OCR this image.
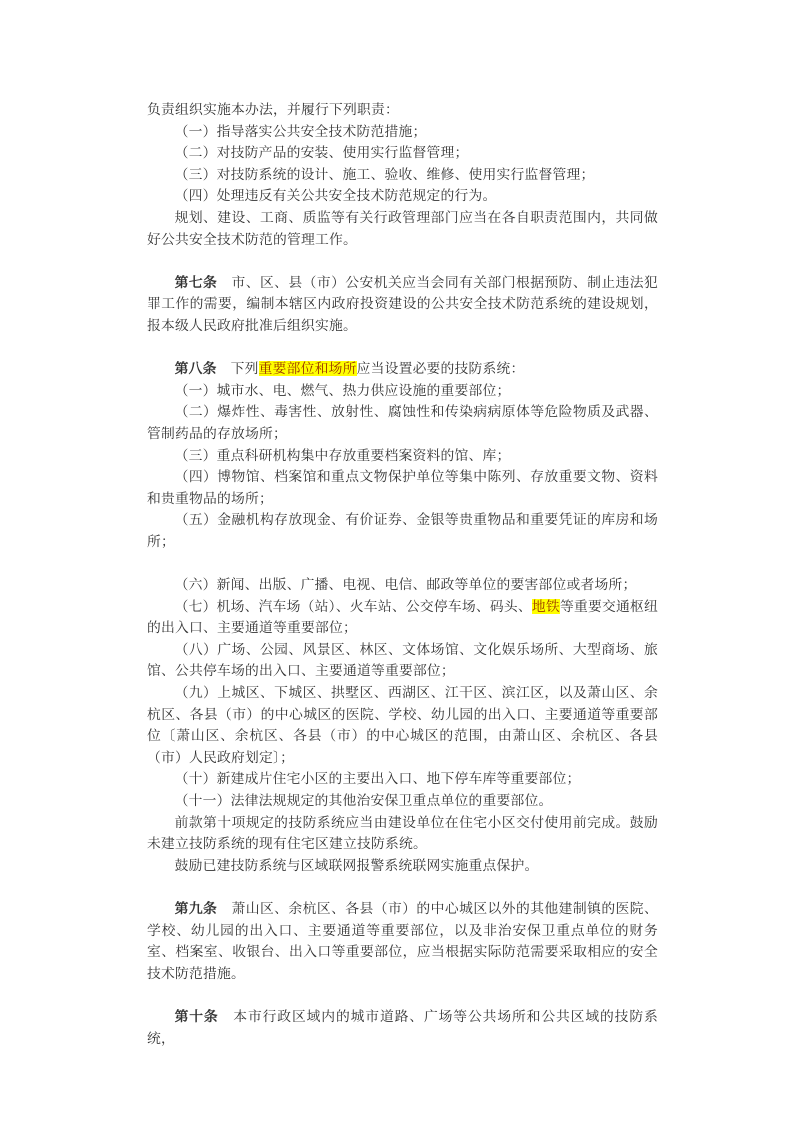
负责组织实施本办法，并履行下列职责：

（一）指导落实公共安全技术防范措施；

（二）对技防产品的安装、使用实行监督管理；

（三）对技防系统的设计、施工、验收、维修、使用实行监督管理；

（四）处理违反有关公共安全技术防范规定的行为。

规划、建设、工商、质监等有关行政管理部门应当在各自职责范围内，共同做好公共安全技术防范的管理工作。

第七条　市、区、县（市）公安机关应当会同有关部门根据预防、制止违法犯罪工作的需要，编制本辖区内政府投资建设的公共安全技术防范系统的建设规划，报本级人民政府批准后组织实施。

第八条　下列重要部位和场所应当设置必要的技防系统：

（一）城市水、电、燃气、热力供应设施的重要部位；

（二）爆炸性、毒害性、放射性、腐蚀性和传染病病原体等危险物质及武器、管制药品的存放场所；

（三）重点科研机构集中存放重要档案资料的馆、库；

（四）博物馆、档案馆和重点文物保护单位等集中陈列、存放重要文物、资料和贵重物品的场所；

（五）金融机构存放现金、有价证券、金银等贵重物品和重要凭证的库房和场所；

（六）新闻、出版、广播、电视、电信、邮政等单位的要害部位或者场所；

（七）机场、汽车场（站）、火车站、公交停车场、码头、地铁等重要交通枢纽的出入口、主要通道等重要部位；

（八）广场、公园、风景区、林区、文体场馆、文化娱乐场所、大型商场、旅馆、公共停车场的出入口、主要通道等重要部位；

（九）上城区、下城区、拱墅区、西湖区、江干区、滨江区，以及萧山区、余杭区、各县（市）的中心城区的医院、学校、幼儿园的出入口、主要通道等重要部位〔萧山区、余杭区、各县（市）的中心城区的范围，由萧山区、余杭区、各县（市）人民政府划定〕；

（十）新建成片住宅小区的主要出入口、地下停车库等重要部位；

（十一）法律法规规定的其他治安保卫重点单位的重要部位。

前款第十项规定的技防系统应当由建设单位在住宅小区交付使用前完成。鼓励未建立技防系统的现有住宅区建立技防系统。

鼓励已建技防系统与区域联网报警系统联网实施重点保护。

第九条　萧山区、余杭区、各县（市）的中心城区以外的其他建制镇的医院、学校、幼儿园的出入口、主要通道等重要部位，以及非治安保卫重点单位的财务室、档案室、收银台、出入口等重要部位，应当根据实际防范需要采取相应的安全技术防范措施。

第十条　本市行政区域内的城市道路、广场等公共场所和公共区域的技防系统，
